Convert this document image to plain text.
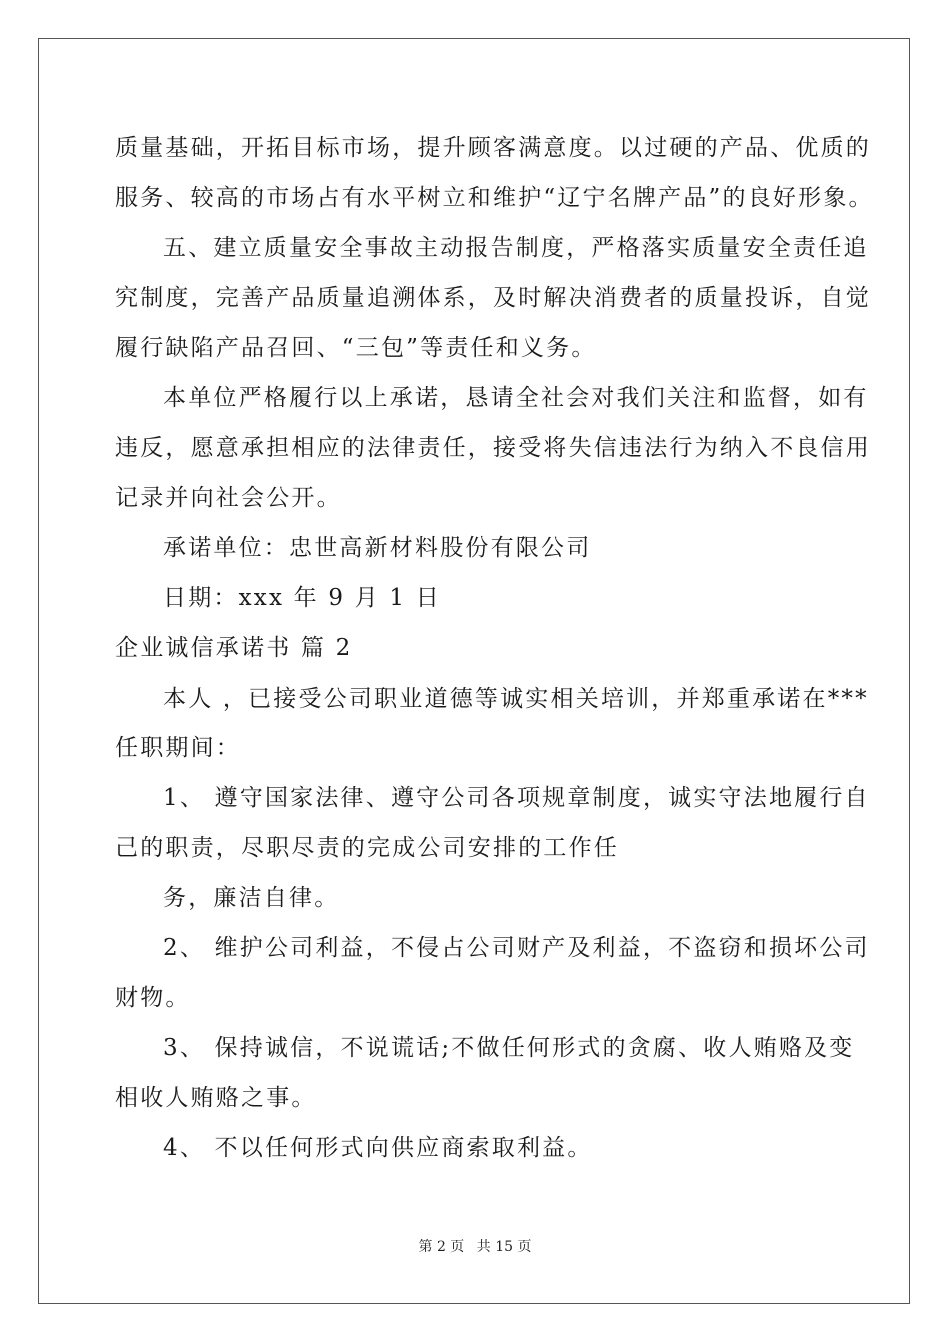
质量基础，开拓目标市场，提升顾客满意度。以过硬的产品、优质的
服务、较高的市场占有水平树立和维护“辽宁名牌产品”的良好形象。
五、建立质量安全事故主动报告制度，严格落实质量安全责任追
究制度，完善产品质量追溯体系，及时解决消费者的质量投诉，自觉
履行缺陷产品召回、“三包”等责任和义务。
本单位严格履行以上承诺，恳请全社会对我们关注和监督，如有
违反，愿意承担相应的法律责任，接受将失信违法行为纳入不良信用
记录并向社会公开。
承诺单位：忠世高新材料股份有限公司
日期：xxx 年 9 月 1 日
企业诚信承诺书 篇 2
本人 ，已接受公司职业道德等诚实相关培训，并郑重承诺在***
任职期间：
1、 遵守国家法律、遵守公司各项规章制度，诚实守法地履行自
己的职责，尽职尽责的完成公司安排的工作任
务，廉洁自律。
2、 维护公司利益，不侵占公司财产及利益，不盗窃和损坏公司
财物。
3、 保持诚信，不说谎话;不做任何形式的贪腐、收人贿赂及变
相收人贿赂之事。
4、 不以任何形式向供应商索取利益。
第 2 页 共 15 页
